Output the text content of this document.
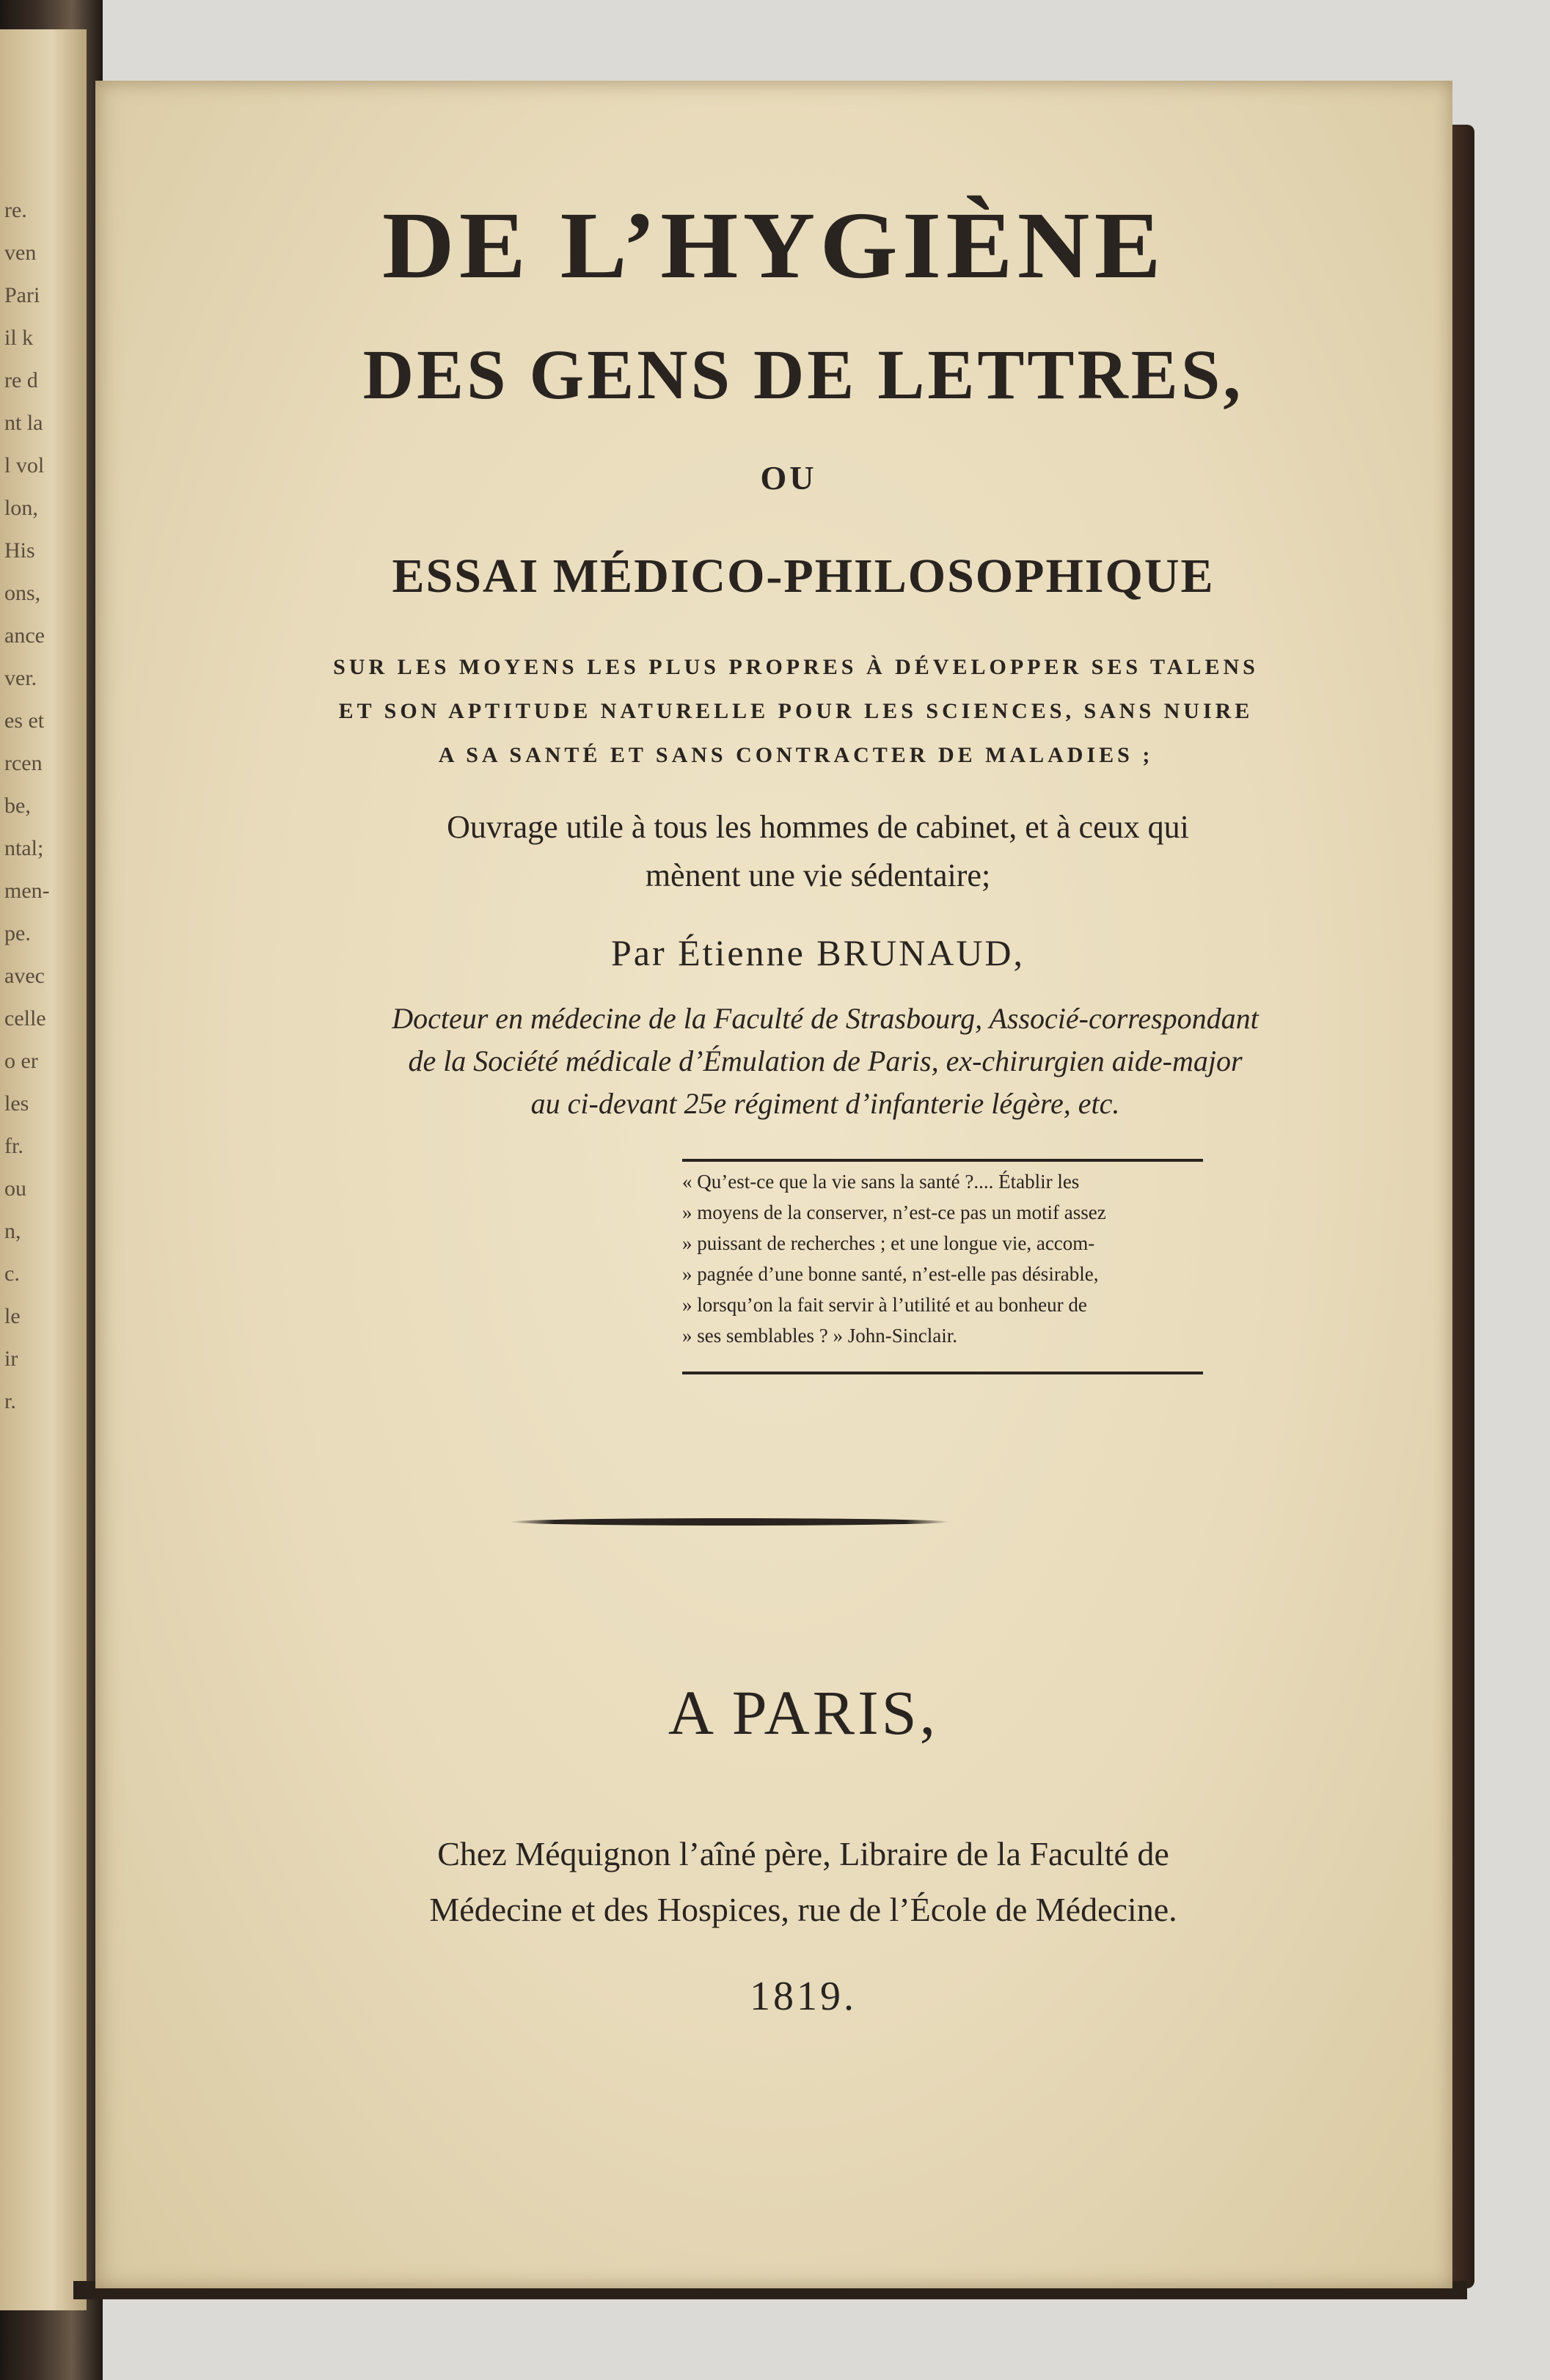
re.
ven
Pari
il k
re d
nt la
l vol
lon,
His
ons,
ance
ver.
es et
rcen
be,
ntal;
men-
pe.
avec
celle
o er
les
fr.
ou
n,
c.
le
ir
r.
DE L’HYGIÈNE
DES GENS DE LETTRES,
OU
ESSAI MÉDICO-PHILOSOPHIQUE
SUR LES MOYENS LES PLUS PROPRES À DÉVELOPPER SES TALENS
ET SON APTITUDE NATURELLE POUR LES SCIENCES, SANS NUIRE
A SA SANTÉ ET SANS CONTRACTER DE MALADIES ;
Ouvrage utile à tous les hommes de cabinet, et à ceux qui
mènent une vie sédentaire;
Par Étienne BRUNAUD,
Docteur en médecine de la Faculté de Strasbourg, Associé-correspondant
de la Société médicale d’Émulation de Paris, ex-chirurgien aide-major
au ci-devant 25e régiment d’infanterie légère, etc.
« Qu’est-ce que la vie sans la santé ?.... Établir les
» moyens de la conserver, n’est-ce pas un motif assez
» puissant de recherches ; et une longue vie, accom-
» pagnée d’une bonne santé, n’est-elle pas désirable,
» lorsqu’on la fait servir à l’utilité et au bonheur de
» ses semblables ? » John-Sinclair.
A PARIS,
Chez Méquignon l’aîné père, Libraire de la Faculté de
Médecine et des Hospices, rue de l’École de Médecine.
1819.
